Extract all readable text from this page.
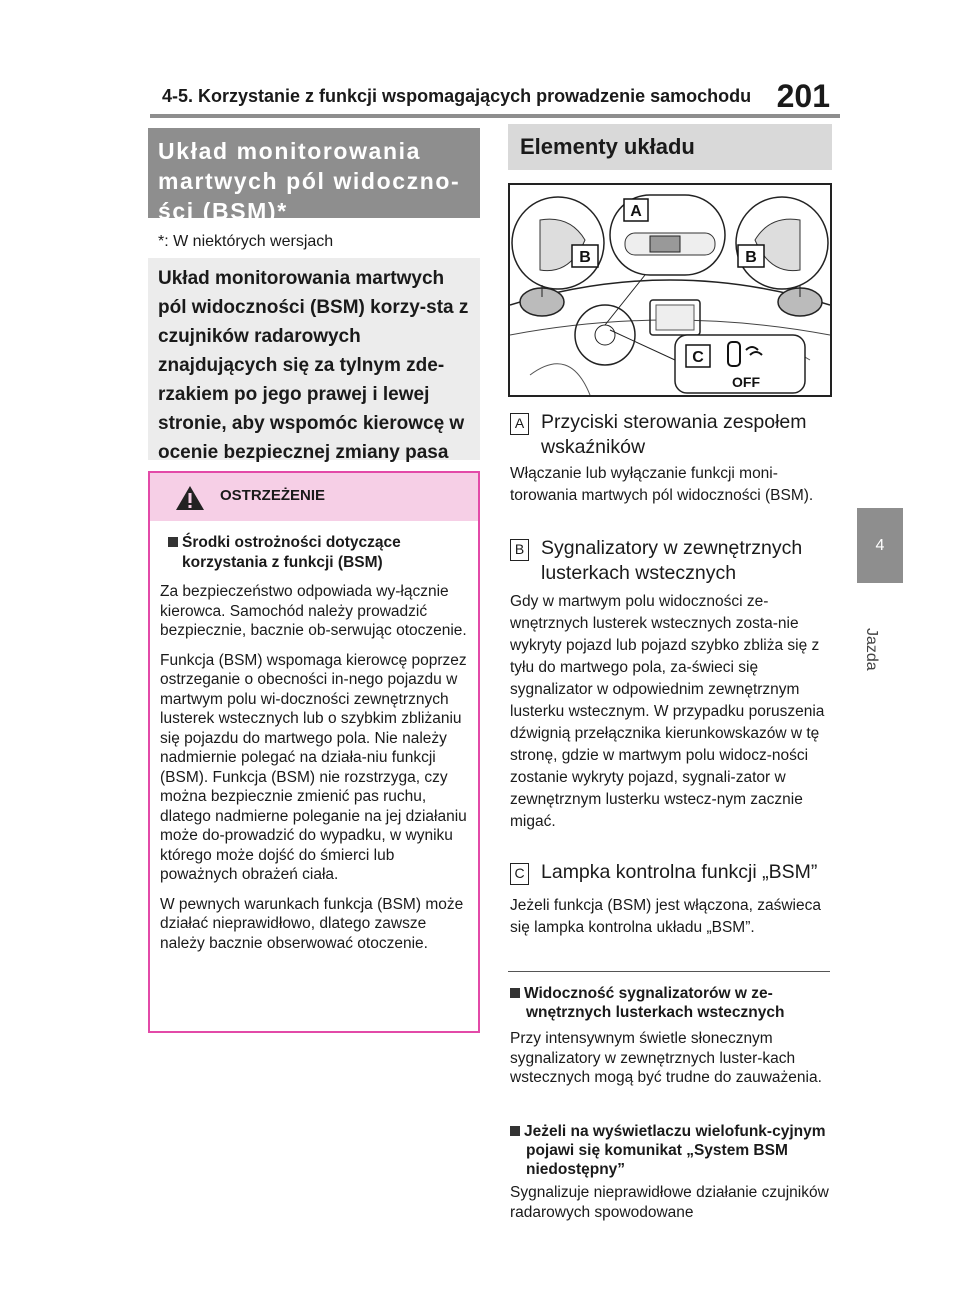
4-5. Korzystanie z funkcji wspomagających prowadzenie samochodu 201
4
Jazda
Układ monitorowania martwych pól widoczno-ści (BSM)*
*: W niektórych wersjach
Układ monitorowania martwych pól widoczności (BSM) korzy-sta z czujników radarowych znajdujących się za tylnym zde-rzakiem po jego prawej i lewej stronie, aby wspomóc kierowcę w ocenie bezpiecznej zmiany pasa
OSTRZEŻENIE
Środki ostrożności dotyczące korzystania z funkcji (BSM)

Za bezpieczeństwo odpowiada wy-łącznie kierowca. Samochód należy prowadzić bezpiecznie, bacznie ob-serwując otoczenie.

Funkcja (BSM) wspomaga kierowcę poprzez ostrzeganie o obecności in-nego pojazdu w martwym polu wi-doczności zewnętrznych lusterek wstecznych lub o szybkim zbliżaniu się pojazdu do martwego pola. Nie należy nadmiernie polegać na działa-niu funkcji (BSM). Funkcja (BSM) nie rozstrzyga, czy można bezpiecznie zmienić pas ruchu, dlatego nadmierne poleganie na jej działaniu może do-prowadzić do wypadku, w wyniku którego może dojść do śmierci lub poważnych obrażeń ciała.

W pewnych warunkach funkcja (BSM) może działać nieprawidłowo, dlatego zawsze należy bacznie obserwować otoczenie.

Elementy układu
B
A
B
C
OFF
A Przyciski sterowania zespołem wskaźników
Włączanie lub wyłączanie funkcji moni-torowania martwych pól widoczności (BSM).
B Sygnalizatory w zewnętrznych lusterkach wstecznych
Gdy w martwym polu widoczności ze-wnętrznych lusterek wstecznych zosta-nie wykryty pojazd lub pojazd szybko zbliża się z tyłu do martwego pola, za-świeci się sygnalizator w odpowiednim zewnętrznym lusterku wstecznym. W przypadku poruszenia dźwignią przełącznika kierunkowskazów w tę stronę, gdzie w martwym polu widocz-ności zostanie wykryty pojazd, sygnali-zator w zewnętrznym lusterku wstecz-nym zacznie migać.
C Lampka kontrolna funkcji „BSM”
Jeżeli funkcja (BSM) jest włączona, zaświeca się lampka kontrolna układu „BSM”.
Widoczność sygnalizatorów w ze-wnętrznych lusterkach wstecznych
Przy intensywnym świetle słonecznym sygnalizatory w zewnętrznych luster-kach wstecznych mogą być trudne do zauważenia.
Jeżeli na wyświetlaczu wielofunk-cyjnym pojawi się komunikat „System BSM niedostępny”
Sygnalizuje nieprawidłowe działanie czujników radarowych spowodowane
